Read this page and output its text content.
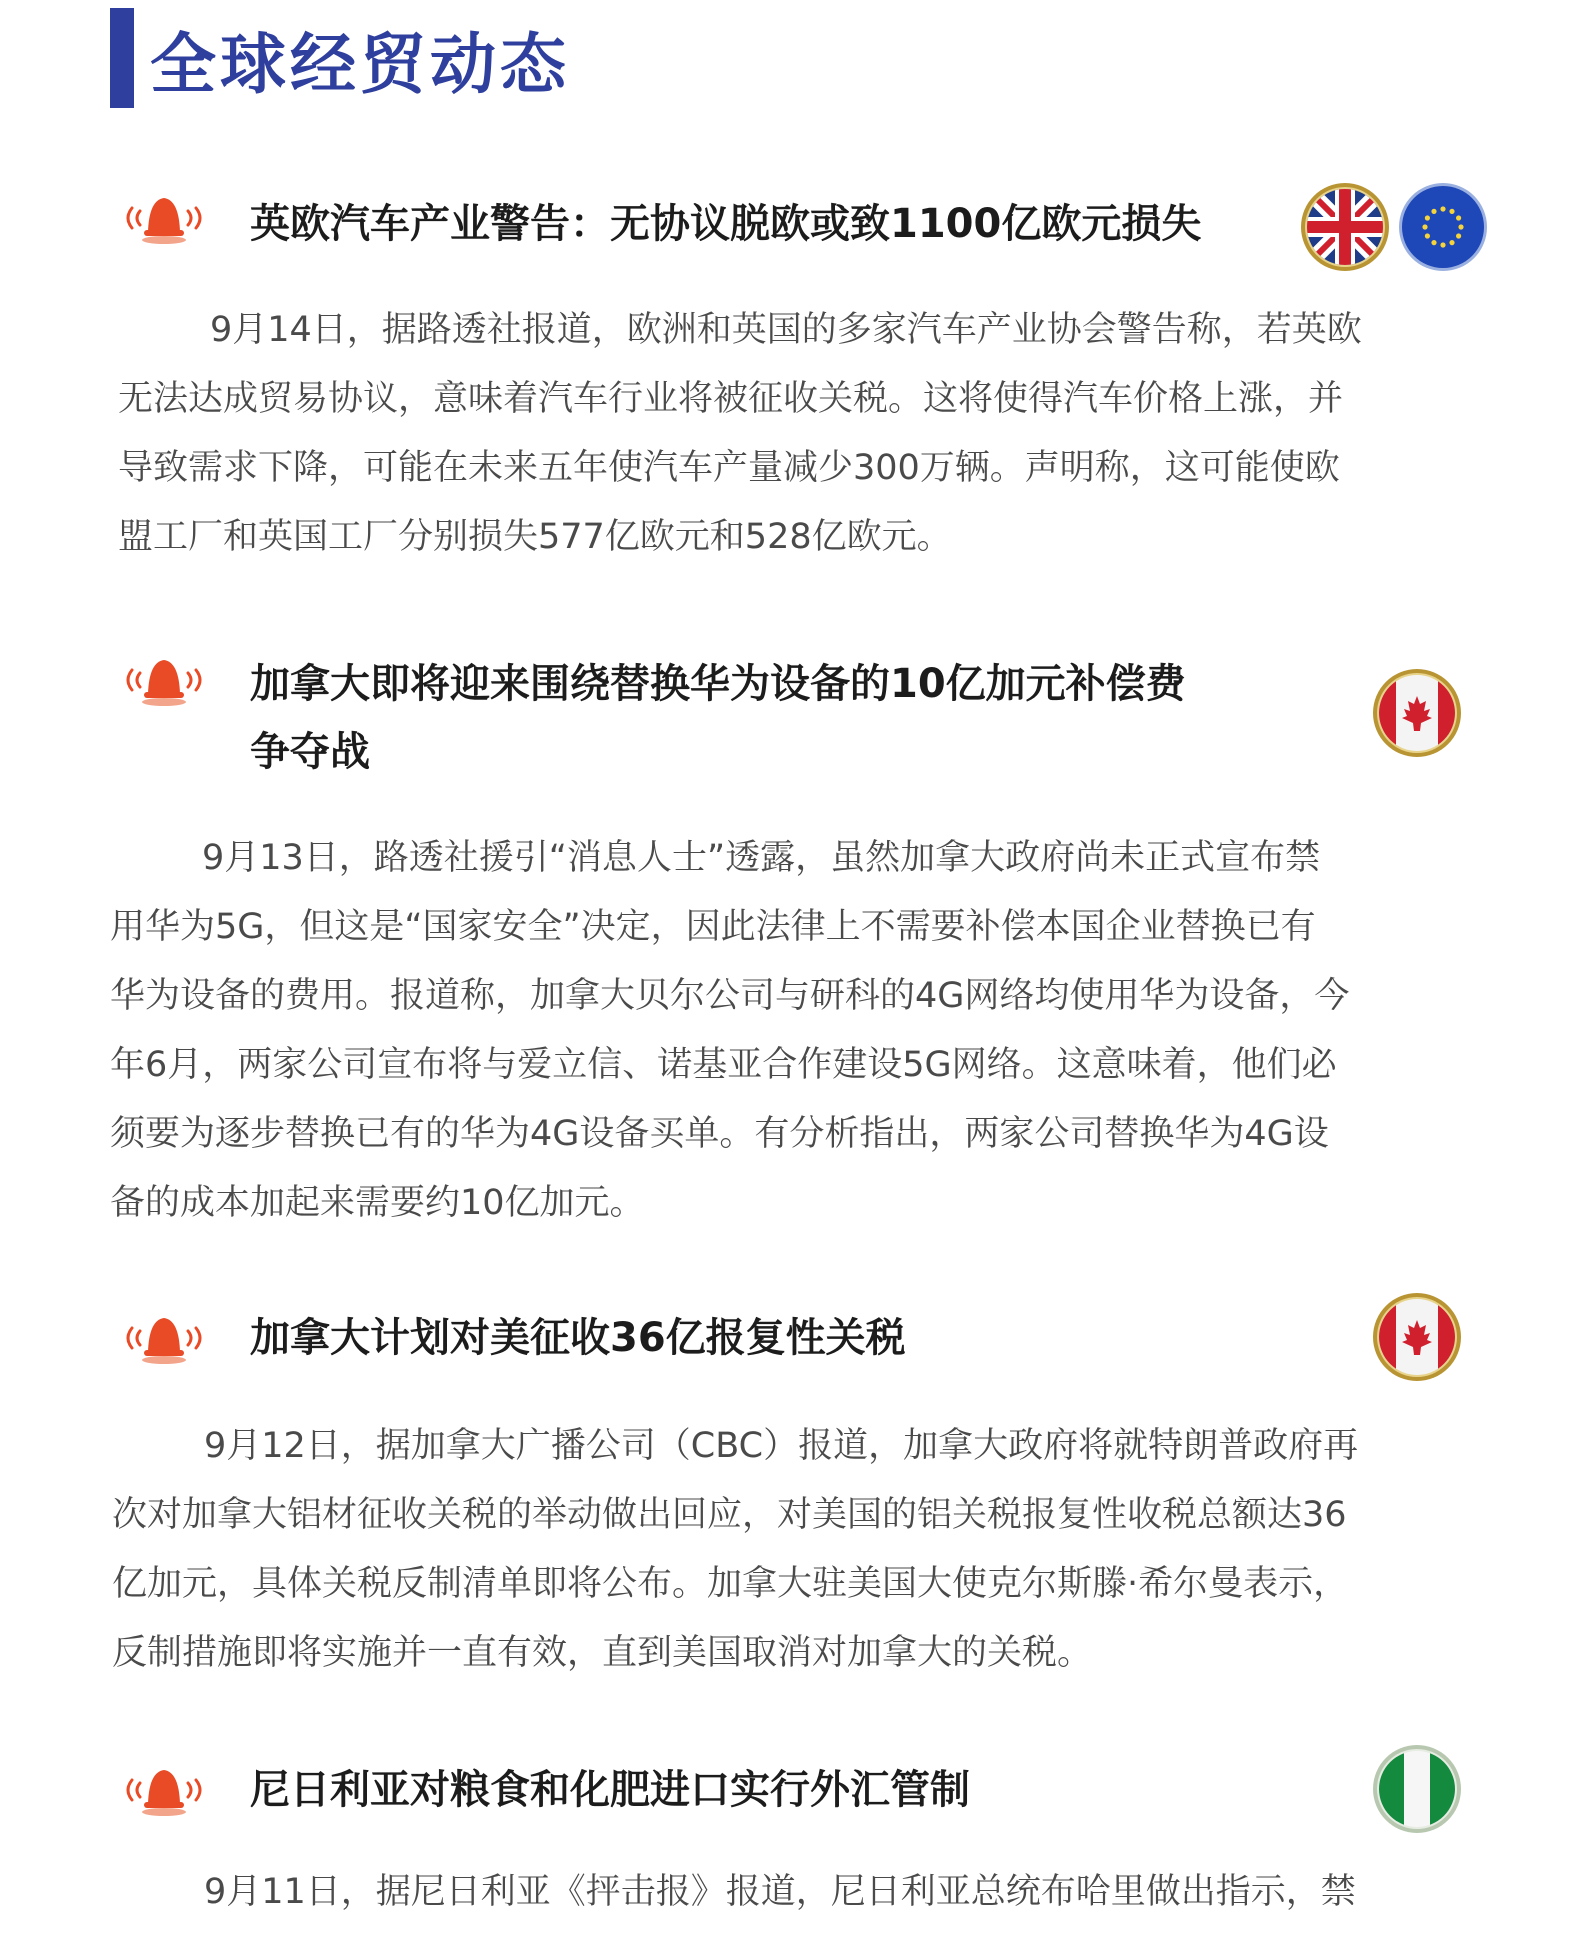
全球经贸动态
英欧汽车产业警告：无协议脱欧或致1100亿欧元损失
9月14日，据路透社报道，欧洲和英国的多家汽车产业协会警告称，若英欧
无法达成贸易协议，意味着汽车行业将被征收关税。这将使得汽车价格上涨，并
导致需求下降，可能在未来五年使汽车产量减少300万辆。声明称，这可能使欧
盟工厂和英国工厂分别损失577亿欧元和528亿欧元。
加拿大即将迎来围绕替换华为设备的10亿加元补偿费
争夺战
9月13日，路透社援引“消息人士”透露，虽然加拿大政府尚未正式宣布禁
用华为5G，但这是“国家安全”决定，因此法律上不需要补偿本国企业替换已有
华为设备的费用。报道称，加拿大贝尔公司与研科的4G网络均使用华为设备，今
年6月，两家公司宣布将与爱立信、诺基亚合作建设5G网络。这意味着，他们必
须要为逐步替换已有的华为4G设备买单。有分析指出，两家公司替换华为4G设
备的成本加起来需要约10亿加元。
加拿大计划对美征收36亿报复性关税
9月12日，据加拿大广播公司（CBC）报道，加拿大政府将就特朗普政府再
次对加拿大铝材征收关税的举动做出回应，对美国的铝关税报复性收税总额达36
亿加元，具体关税反制清单即将公布。加拿大驻美国大使克尔斯滕·希尔曼表示，
反制措施即将实施并一直有效，直到美国取消对加拿大的关税。
尼日利亚对粮食和化肥进口实行外汇管制
9月11日，据尼日利亚《抨击报》报道，尼日利亚总统布哈里做出指示，禁
